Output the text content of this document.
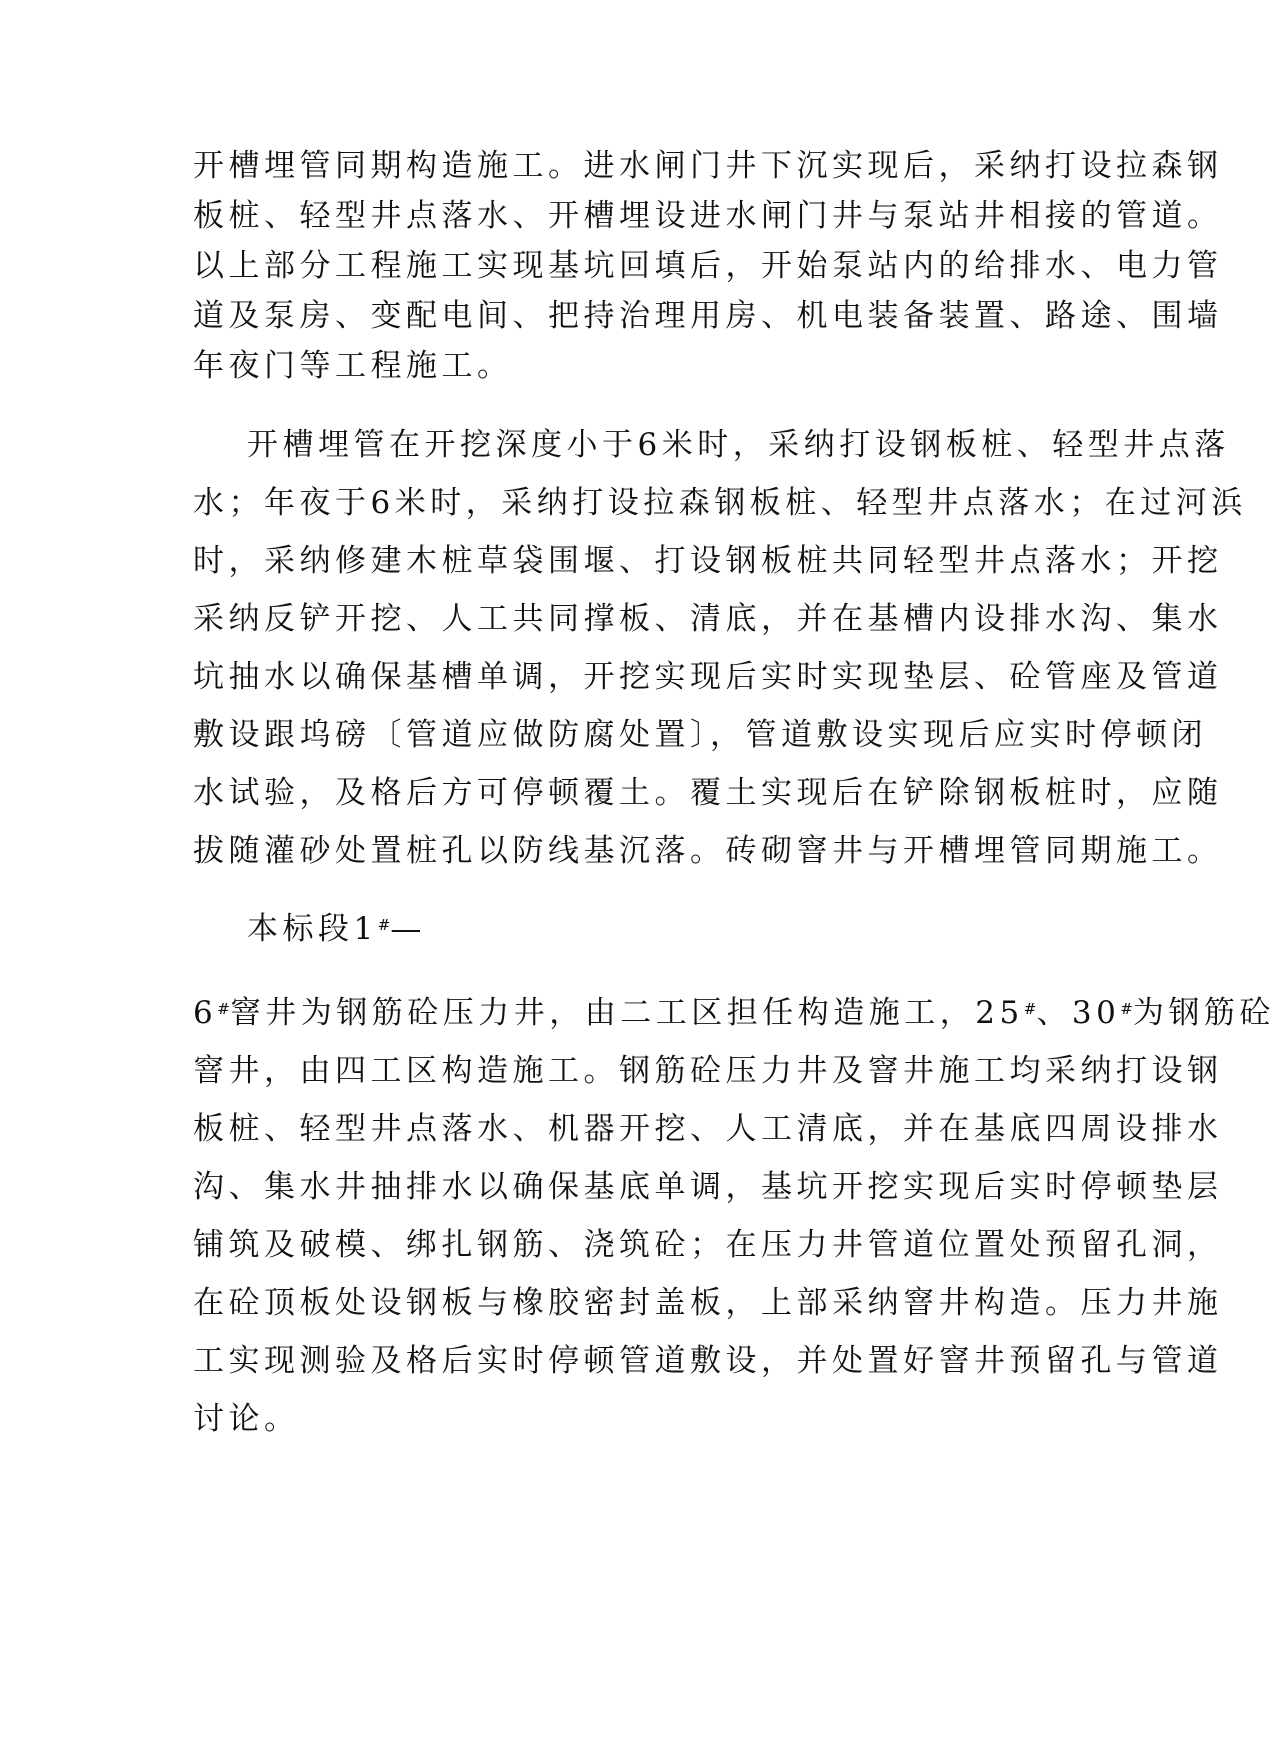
开槽埋管同期构造施工。进水闸门井下沉实现后，采纳打设拉森钢

板桩、轻型井点落水、开槽埋设进水闸门井与泵站井相接的管道。

以上部分工程施工实现基坑回填后，开始泵站内的给排水、电力管

道及泵房、变配电间、把持治理用房、机电装备装置、路途、围墙

年夜门等工程施工。

开槽埋管在开挖深度小于6米时，采纳打设钢板桩、轻型井点落

水；年夜于6米时，采纳打设拉森钢板桩、轻型井点落水；在过河浜

时，采纳修建木桩草袋围堰、打设钢板桩共同轻型井点落水；开挖

采纳反铲开挖、人工共同撑板、清底，并在基槽内设排水沟、集水

坑抽水以确保基槽单调，开挖实现后实时实现垫层、砼管座及管道

敷设跟坞磅〔管道应做防腐处置〕，管道敷设实现后应实时停顿闭

水试验，及格后方可停顿覆土。覆土实现后在铲除钢板桩时，应随

拔随灌砂处置桩孔以防线基沉落。砖砌窨井与开槽埋管同期施工。

本标段1#—

6#窨井为钢筋砼压力井，由二工区担任构造施工，25#、30#为钢筋砼

窨井，由四工区构造施工。钢筋砼压力井及窨井施工均采纳打设钢

板桩、轻型井点落水、机器开挖、人工清底，并在基底四周设排水

沟、集水井抽排水以确保基底单调，基坑开挖实现后实时停顿垫层

铺筑及破模、绑扎钢筋、浇筑砼；在压力井管道位置处预留孔洞，

在砼顶板处设钢板与橡胶密封盖板，上部采纳窨井构造。压力井施

工实现测验及格后实时停顿管道敷设，并处置好窨井预留孔与管道

讨论。
